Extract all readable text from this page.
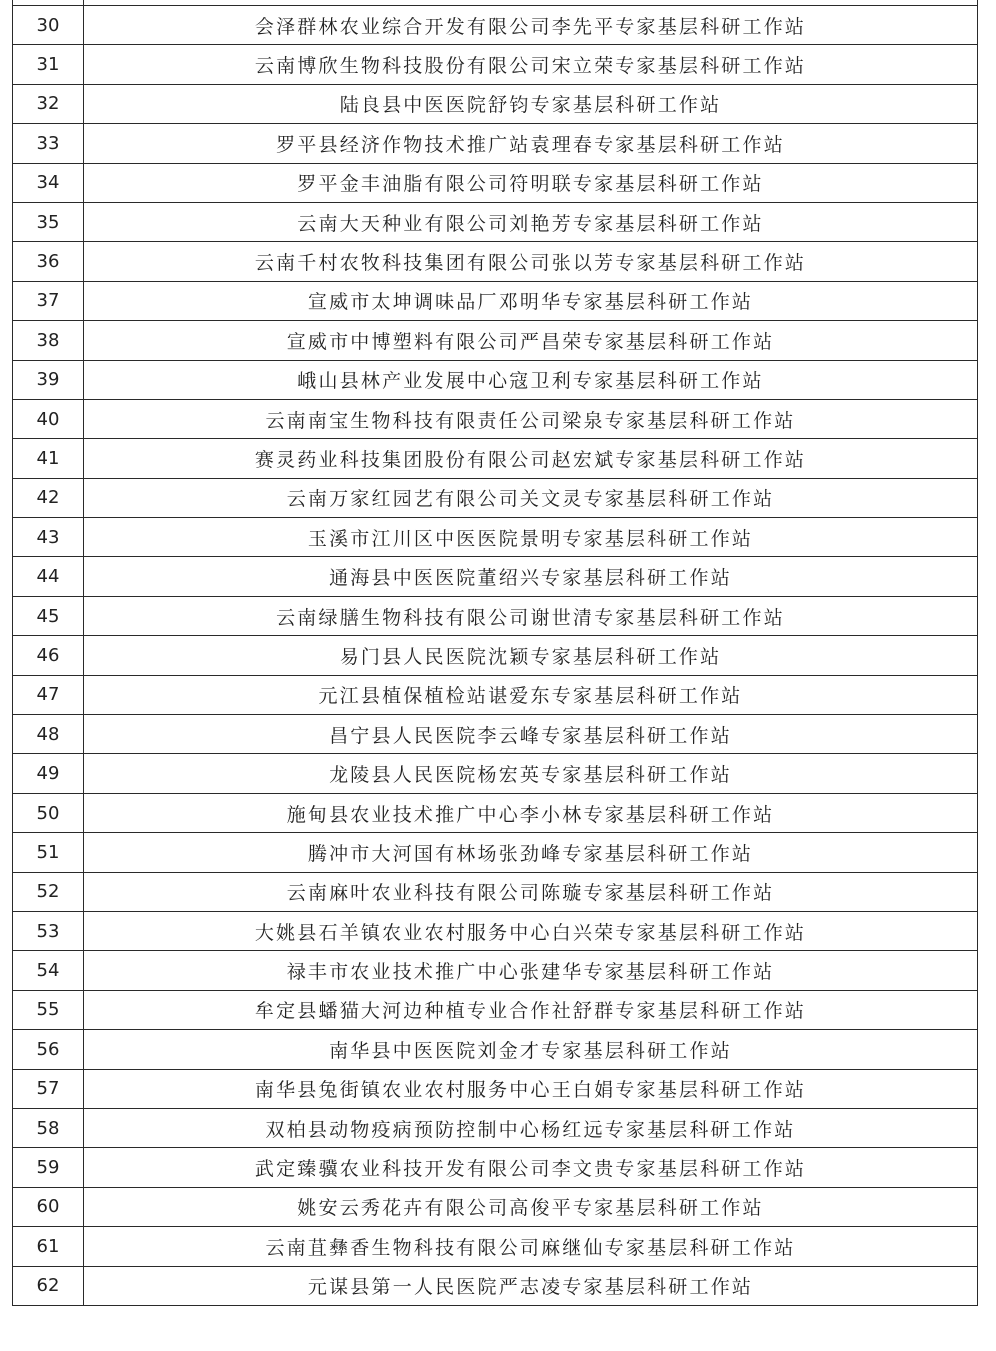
30	会泽群林农业综合开发有限公司李先平专家基层科研工作站
31	云南博欣生物科技股份有限公司宋立荣专家基层科研工作站
32	陆良县中医医院舒钧专家基层科研工作站
33	罗平县经济作物技术推广站袁理春专家基层科研工作站
34	罗平金丰油脂有限公司符明联专家基层科研工作站
35	云南大天种业有限公司刘艳芳专家基层科研工作站
36	云南千村农牧科技集团有限公司张以芳专家基层科研工作站
37	宣威市太坤调味品厂邓明华专家基层科研工作站
38	宣威市中博塑料有限公司严昌荣专家基层科研工作站
39	峨山县林产业发展中心寇卫利专家基层科研工作站
40	云南南宝生物科技有限责任公司梁泉专家基层科研工作站
41	赛灵药业科技集团股份有限公司赵宏斌专家基层科研工作站
42	云南万家红园艺有限公司关文灵专家基层科研工作站
43	玉溪市江川区中医医院景明专家基层科研工作站
44	通海县中医医院董绍兴专家基层科研工作站
45	云南绿膳生物科技有限公司谢世清专家基层科研工作站
46	易门县人民医院沈颖专家基层科研工作站
47	元江县植保植检站谌爱东专家基层科研工作站
48	昌宁县人民医院李云峰专家基层科研工作站
49	龙陵县人民医院杨宏英专家基层科研工作站
50	施甸县农业技术推广中心李小林专家基层科研工作站
51	腾冲市大河国有林场张劲峰专家基层科研工作站
52	云南麻叶农业科技有限公司陈璇专家基层科研工作站
53	大姚县石羊镇农业农村服务中心白兴荣专家基层科研工作站
54	禄丰市农业技术推广中心张建华专家基层科研工作站
55	牟定县蟠猫大河边种植专业合作社舒群专家基层科研工作站
56	南华县中医医院刘金才专家基层科研工作站
57	南华县兔街镇农业农村服务中心王白娟专家基层科研工作站
58	双柏县动物疫病预防控制中心杨红远专家基层科研工作站
59	武定臻骥农业科技开发有限公司李文贵专家基层科研工作站
60	姚安云秀花卉有限公司高俊平专家基层科研工作站
61	云南苴彝香生物科技有限公司麻继仙专家基层科研工作站
62	元谋县第一人民医院严志凌专家基层科研工作站
